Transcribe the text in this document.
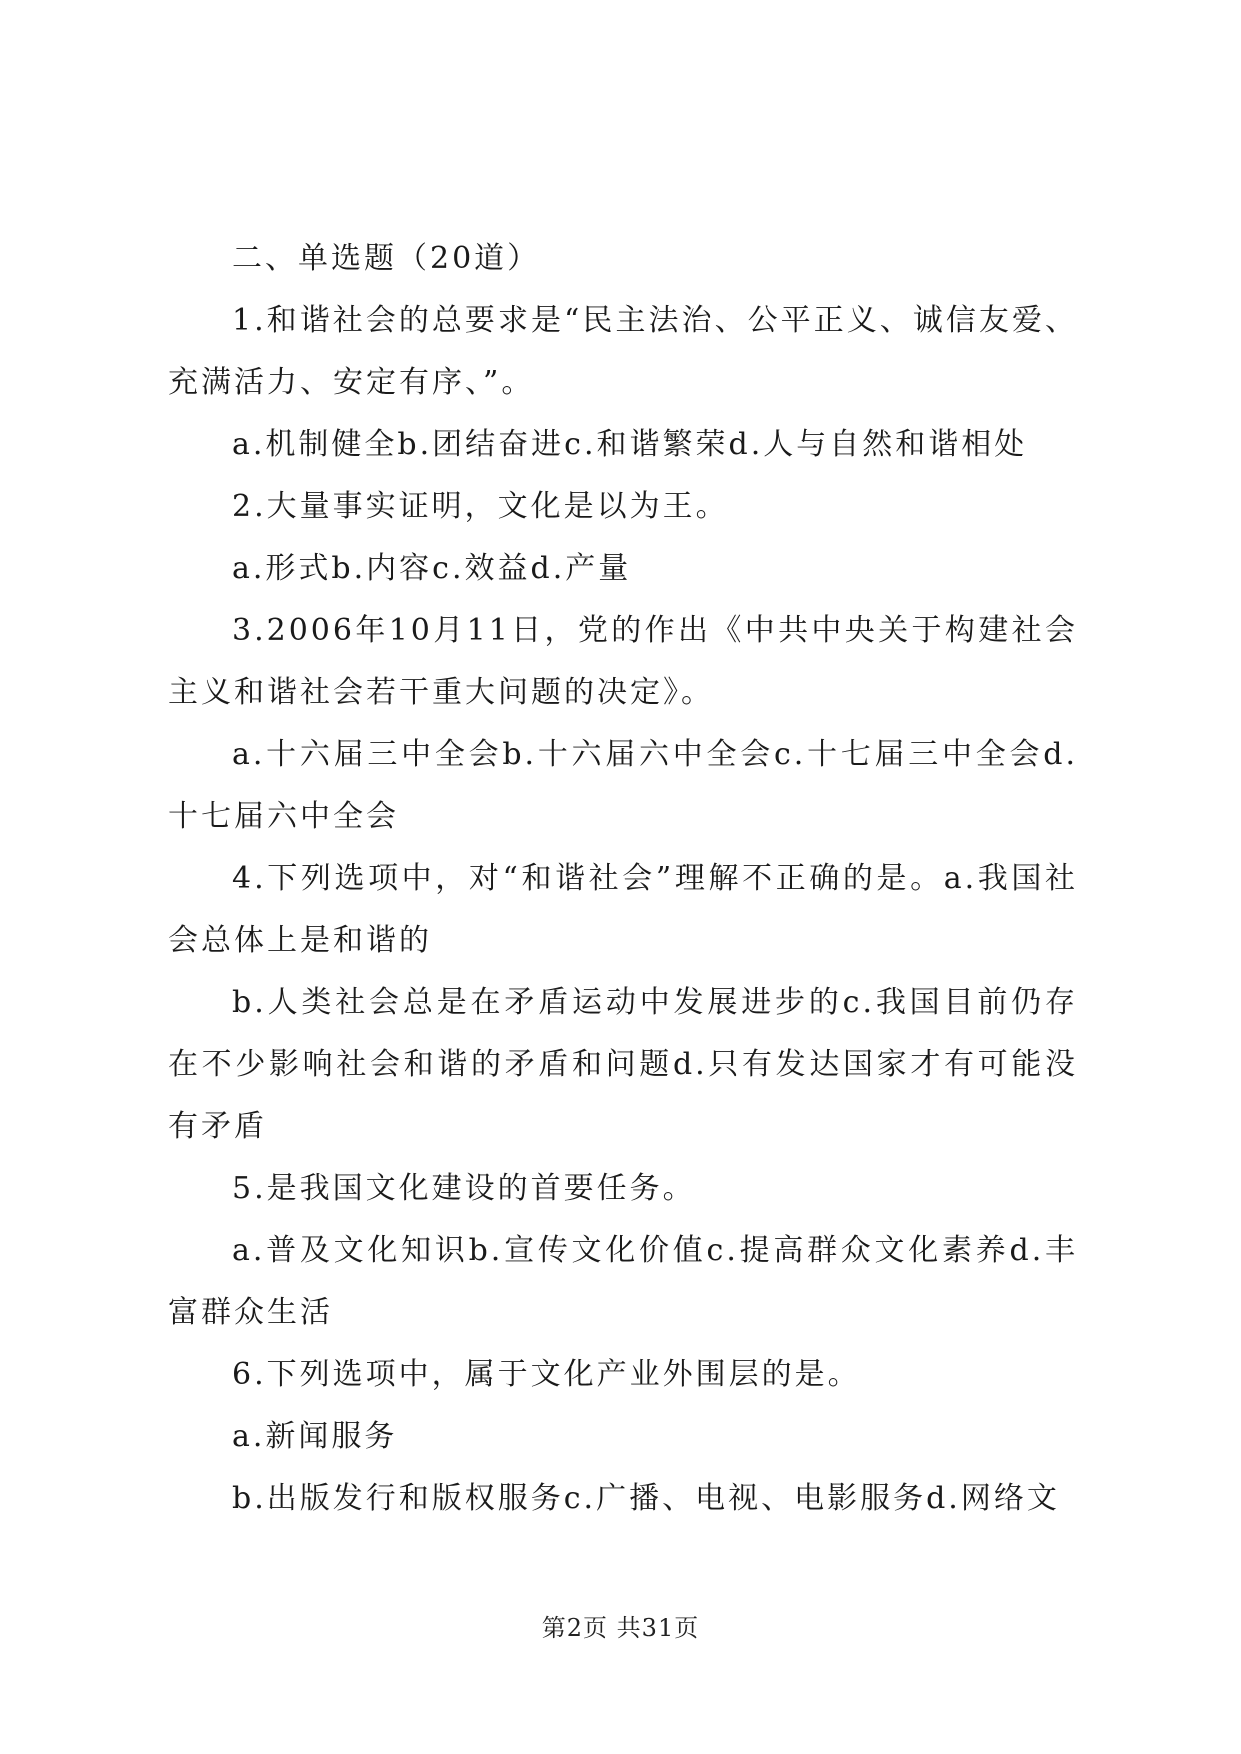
二、单选题（20道）

1.和谐社会的总要求是“民主法治、公平正义、诚信友爱、充满活力、安定有序、”。

a.机制健全b.团结奋进c.和谐繁荣d.人与自然和谐相处

2.大量事实证明，文化是以为王。

a.形式b.内容c.效益d.产量

3.2006年10月11日，党的作出《中共中央关于构建社会主义和谐社会若干重大问题的决定》。

a.十六届三中全会b.十六届六中全会c.十七届三中全会d.十七届六中全会

4.下列选项中，对“和谐社会”理解不正确的是。a.我国社会总体上是和谐的

b.人类社会总是在矛盾运动中发展进步的c.我国目前仍存在不少影响社会和谐的矛盾和问题d.只有发达国家才有可能没有矛盾

5.是我国文化建设的首要任务。

a.普及文化知识b.宣传文化价值c.提高群众文化素养d.丰富群众生活

6.下列选项中，属于文化产业外围层的是。

a.新闻服务

b.出版发行和版权服务c.广播、电视、电影服务d.网络文

第2页 共31页
